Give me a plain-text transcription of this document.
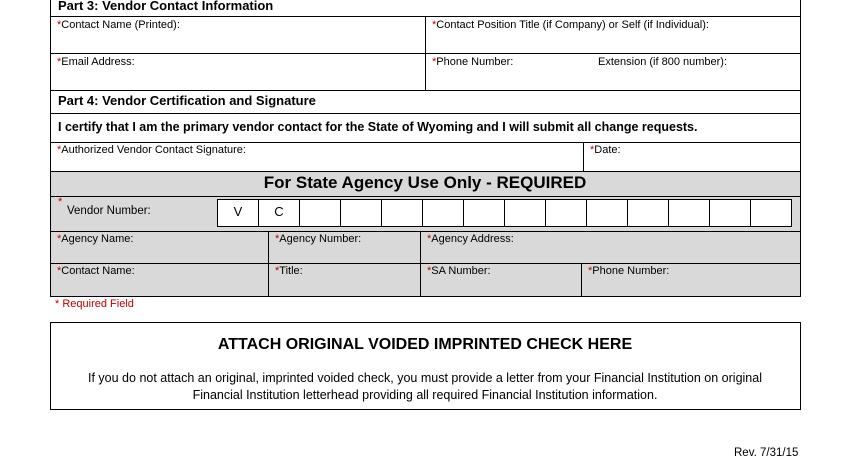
Part 3: Vendor Contact Information
*Contact Name (Printed):	*Contact Position Title (if Company) or Self (if Individual):
*Email Address:	*Phone Number:	Extension (if 800 number):
Part 4: Vendor Certification and Signature
I certify that I am the primary vendor contact for the State of Wyoming and I will submit all change requests.
*Authorized Vendor Contact Signature:	*Date:
For State Agency Use Only - REQUIRED
*
Vendor Number:	V	C
*Agency Name:	*Agency Number:	*Agency Address:
*Contact Name:	*Title:	*SA Number:	*Phone Number:
* Required Field
ATTACH ORIGINAL VOIDED IMPRINTED CHECK HERE
If you do not attach an original, imprinted voided check, you must provide a letter from your Financial Institution on original
Financial Institution letterhead providing all required Financial Institution information.
Rev. 7/31/15
